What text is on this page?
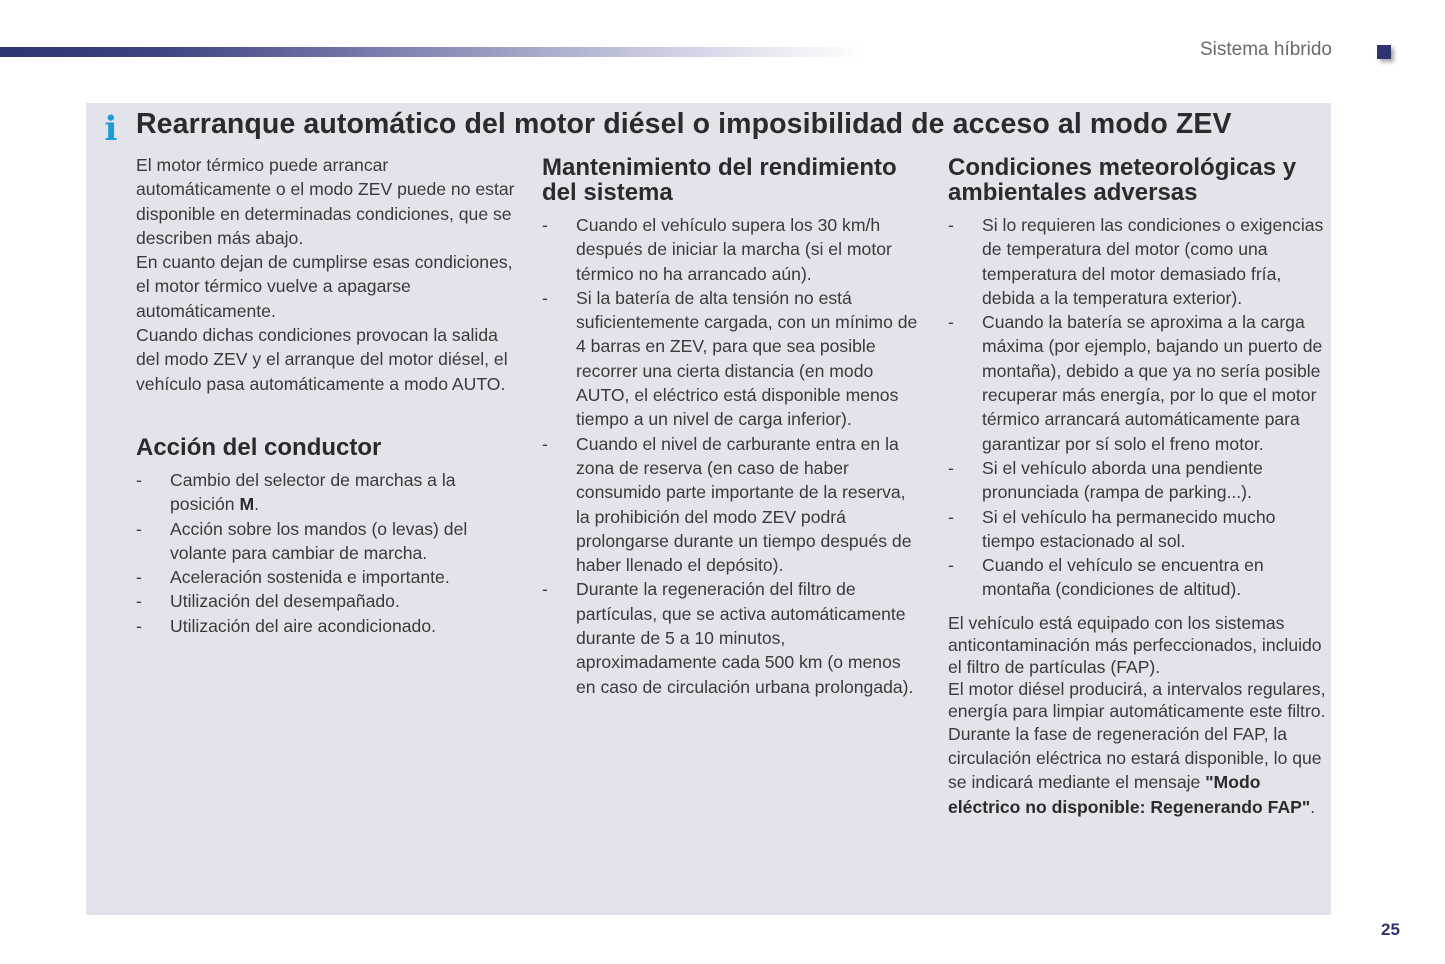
Sistema híbrido
i Rearranque automático del motor diésel o imposibilidad de acceso al modo ZEV

El motor térmico puede arrancar automáticamente o el modo ZEV puede no estar disponible en determinadas condiciones, que se describen más abajo.

En cuanto dejan de cumplirse esas condiciones, el motor térmico vuelve a apagarse automáticamente.

Cuando dichas condiciones provocan la salida del modo ZEV y el arranque del motor diésel, el vehículo pasa automáticamente a modo AUTO.

Acción del conductor
- Cambio del selector de marchas a la posición M.
- Acción sobre los mandos (o levas) del volante para cambiar de marcha.
- Aceleración sostenida e importante.
- Utilización del desempañado.
- Utilización del aire acondicionado.
Mantenimiento del rendimiento del sistema
- Cuando el vehículo supera los 30 km/h después de iniciar la marcha (si el motor térmico no ha arrancado aún).
- Si la batería de alta tensión no está suficientemente cargada, con un mínimo de 4 barras en ZEV, para que sea posible recorrer una cierta distancia (en modo AUTO, el eléctrico está disponible menos tiempo a un nivel de carga inferior).
- Cuando el nivel de carburante entra en la zona de reserva (en caso de haber consumido parte importante de la reserva, la prohibición del modo ZEV podrá prolongarse durante un tiempo después de haber llenado el depósito).
- Durante la regeneración del filtro de partículas, que se activa automáticamente durante de 5 a 10 minutos, aproximadamente cada 500 km (o menos en caso de circulación urbana prolongada).
Condiciones meteorológicas y ambientales adversas
- Si lo requieren las condiciones o exigencias de temperatura del motor (como una temperatura del motor demasiado fría, debida a la temperatura exterior).
- Cuando la batería se aproxima a la carga máxima (por ejemplo, bajando un puerto de montaña), debido a que ya no sería posible recuperar más energía, por lo que el motor térmico arrancará automáticamente para garantizar por sí solo el freno motor.
- Si el vehículo aborda una pendiente pronunciada (rampa de parking...).
- Si el vehículo ha permanecido mucho tiempo estacionado al sol.
- Cuando el vehículo se encuentra en montaña (condiciones de altitud).

El vehículo está equipado con los sistemas anticontaminación más perfeccionados, incluido el filtro de partículas (FAP).

El motor diésel producirá, a intervalos regulares, energía para limpiar automáticamente este filtro.

Durante la fase de regeneración del FAP, la circulación eléctrica no estará disponible, lo que se indicará mediante el mensaje "Modo eléctrico no disponible: Regenerando FAP".

25
